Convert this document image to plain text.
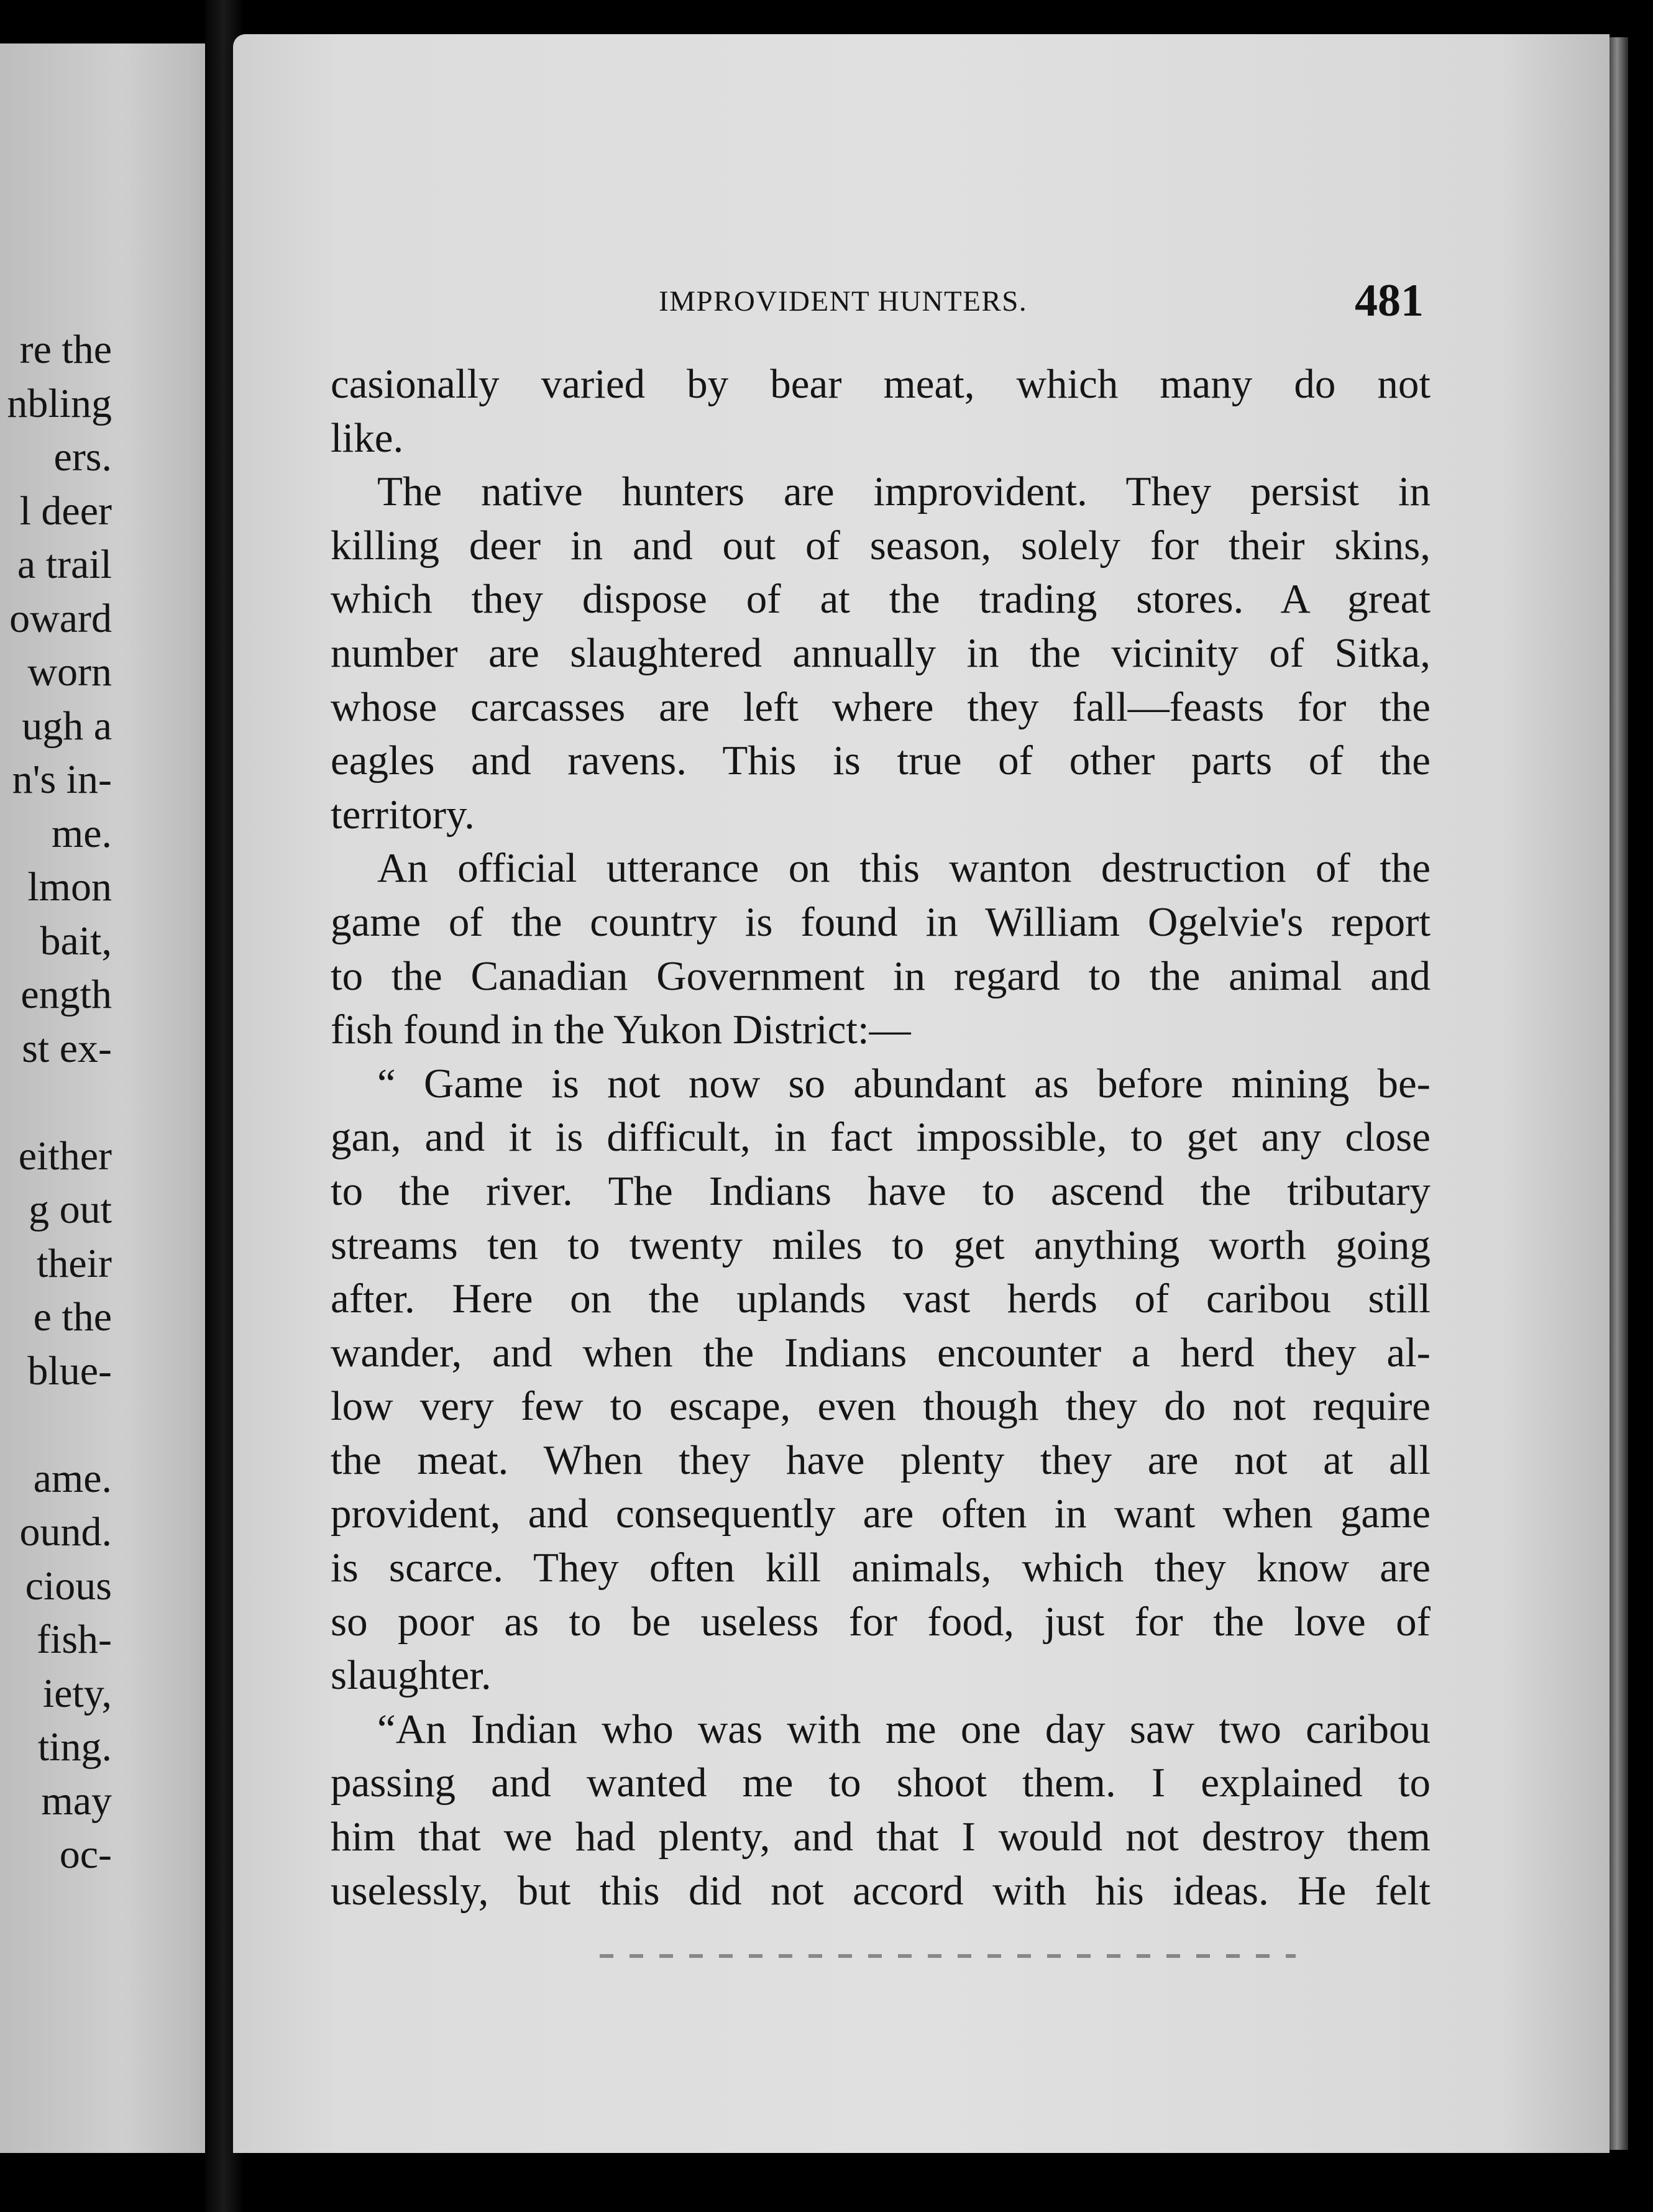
re the
nbling
ers.
l deer
a trail
oward
worn
ugh a
n's in-
me.
lmon
bait,
ength
st ex-
either
g out
their
e the
blue-
ame.
ound.
cious
fish-
iety,
ting.
may
oc-
IMPROVIDENT HUNTERS.	481
casionally varied by bear meat, which many do not
like.
The native hunters are improvident. They persist in
killing deer in and out of season, solely for their skins,
which they dispose of at the trading stores. A great
number are slaughtered annually in the vicinity of Sitka,
whose carcasses are left where they fall—feasts for the
eagles and ravens. This is true of other parts of the
territory.
An official utterance on this wanton destruction of the
game of the country is found in William Ogelvie's report
to the Canadian Government in regard to the animal and
fish found in the Yukon District:—
“ Game is not now so abundant as before mining be-
gan, and it is difficult, in fact impossible, to get any close
to the river. The Indians have to ascend the tributary
streams ten to twenty miles to get anything worth going
after. Here on the uplands vast herds of caribou still
wander, and when the Indians encounter a herd they al-
low very few to escape, even though they do not require
the meat. When they have plenty they are not at all
provident, and consequently are often in want when game
is scarce. They often kill animals, which they know are
so poor as to be useless for food, just for the love of
slaughter.
“An Indian who was with me one day saw two caribou
passing and wanted me to shoot them. I explained to
him that we had plenty, and that I would not destroy them
uselessly, but this did not accord with his ideas. He felt
